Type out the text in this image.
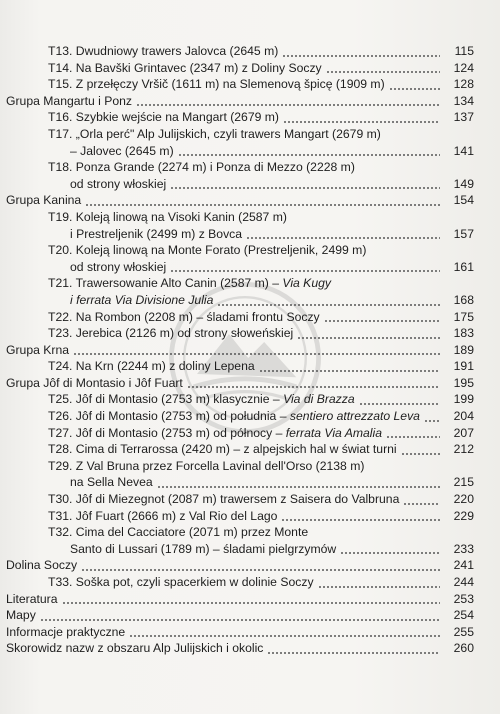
T13. Dwudniowy trawers Jalovca (2645 m)	115
T14. Na Bavški Grintavec (2347 m) z Doliny Soczy	124
T15. Z przełęczy Vršič (1611 m) na Slemenovą špicę (1909 m)	128
Grupa Mangartu i Ponz	134
T16. Szybkie wejście na Mangart (2679 m)	137
T17. „Orla perć" Alp Julijskich, czyli trawers Mangart (2679 m)
– Jalovec (2645 m)	141
T18. Ponza Grande (2274 m) i Ponza di Mezzo (2228 m)
od strony włoskiej	149
Grupa Kanina	154
T19. Koleją linową na Visoki Kanin (2587 m)
i Prestreljenik (2499 m) z Bovca	157
T20. Koleją linową na Monte Forato (Prestreljenik, 2499 m)
od strony włoskiej	161
T21. Trawersowanie Alto Canin (2587 m) – Via Kugy
i ferrata Via Divisione Julia	168
T22. Na Rombon (2208 m) – śladami frontu Soczy	175
T23. Jerebica (2126 m) od strony słoweńskiej	183
Grupa Krna	189
T24. Na Krn (2244 m) z doliny Lepena	191
Grupa Jôf di Montasio i Jôf Fuart	195
T25. Jôf di Montasio (2753 m) klasycznie – Via di Brazza	199
T26. Jôf di Montasio (2753 m) od południa – sentiero attrezzato Leva	204
T27. Jôf di Montasio (2753 m) od północy – ferrata Via Amalia	207
T28. Cima di Terrarossa (2420 m) – z alpejskich hal w świat turni	212
T29. Z Val Bruna przez Forcella Lavinal dell'Orso (2138 m)
na Sella Nevea	215
T30. Jôf di Miezegnot (2087 m) trawersem z Saisera do Valbruna	220
T31. Jôf Fuart (2666 m) z Val Rio del Lago	229
T32. Cima del Cacciatore (2071 m) przez Monte
Santo di Lussari (1789 m) – śladami pielgrzymów	233
Dolina Soczy	241
T33. Soška pot, czyli spacerkiem w dolinie Soczy	244
Literatura	253
Mapy	254
Informacje praktyczne	255
Skorowidz nazw z obszaru Alp Julijskich i okolic	260
